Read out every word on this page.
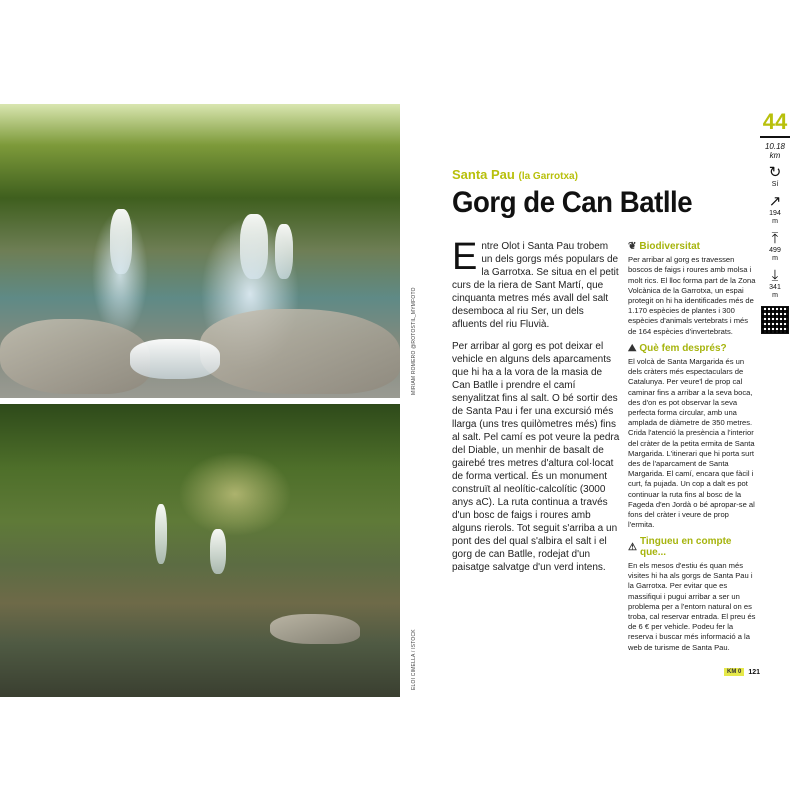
MIRIAM ROMERO @ROTOSTIL_MYMFOTO
ELOI CIMELLA / ISTOCK
Santa Pau (la Garrotxa)
Gorg de Can Batlle

Entre Olot i Santa Pau trobem un dels gorgs més populars de la Garrotxa. Se situa en el petit curs de la riera de Sant Martí, que cinquanta metres més avall del salt desemboca al riu Ser, un dels afluents del riu Fluvià.

Per arribar al gorg es pot deixar el vehicle en alguns dels aparcaments que hi ha a la vora de la masia de Can Batlle i prendre el camí senyalitzat fins al salt. O bé sortir des de Santa Pau i fer una excursió més llarga (uns tres quilòmetres més) fins al salt. Pel camí es pot veure la pedra del Diable, un menhir de basalt de gairebé tres metres d'altura col·locat de forma vertical. És un monument construït al neolític-calcolític (3000 anys aC). La ruta continua a través d'un bosc de faigs i roures amb alguns rierols. Tot seguit s'arriba a un pont des del qual s'albira el salt i el gorg de can Batlle, rodejat d'un paisatge salvatge d'un verd intens.

❦ Biodiversitat

Per arribar al gorg es travessen boscos de faigs i roures amb molsa i molt rics. El lloc forma part de la Zona Volcànica de la Garrotxa, un espai protegit on hi ha identificades més de 1.170 espècies de plantes i 300 espècies d'animals vertebrats i més de 164 espècies d'invertebrats.

⛰ Què fem després?

El volcà de Santa Margarida és un dels cràters més espectaculars de Catalunya. Per veure'l de prop cal caminar fins a arribar a la seva boca, des d'on es pot observar la seva perfecta forma circular, amb una amplada de diàmetre de 350 metres. Crida l'atenció la presència a l'interior del cràter de la petita ermita de Santa Margarida. L'itinerari que hi porta surt des de l'aparcament de Santa Margarida. El camí, encara que fàcil i curt, fa pujada. Un cop a dalt es pot continuar la ruta fins al bosc de la Fageda d'en Jordà o bé apropar-se al fons del cràter i veure de prop l'ermita.

⚠ Tingueu en compte que...

En els mesos d'estiu és quan més visites hi ha als gorgs de Santa Pau i la Garrotxa. Per evitar que es massifiqui i pugui arribar a ser un problema per a l'entorn natural on es troba, cal reservar entrada. El preu és de 6 € per vehicle. Podeu fer la reserva i buscar més informació a la web de turisme de Santa Pau.

44
10.18
km
↻
Sí
↗
194
m
⤒
499
m
⤓
341
m
KM 0	121
